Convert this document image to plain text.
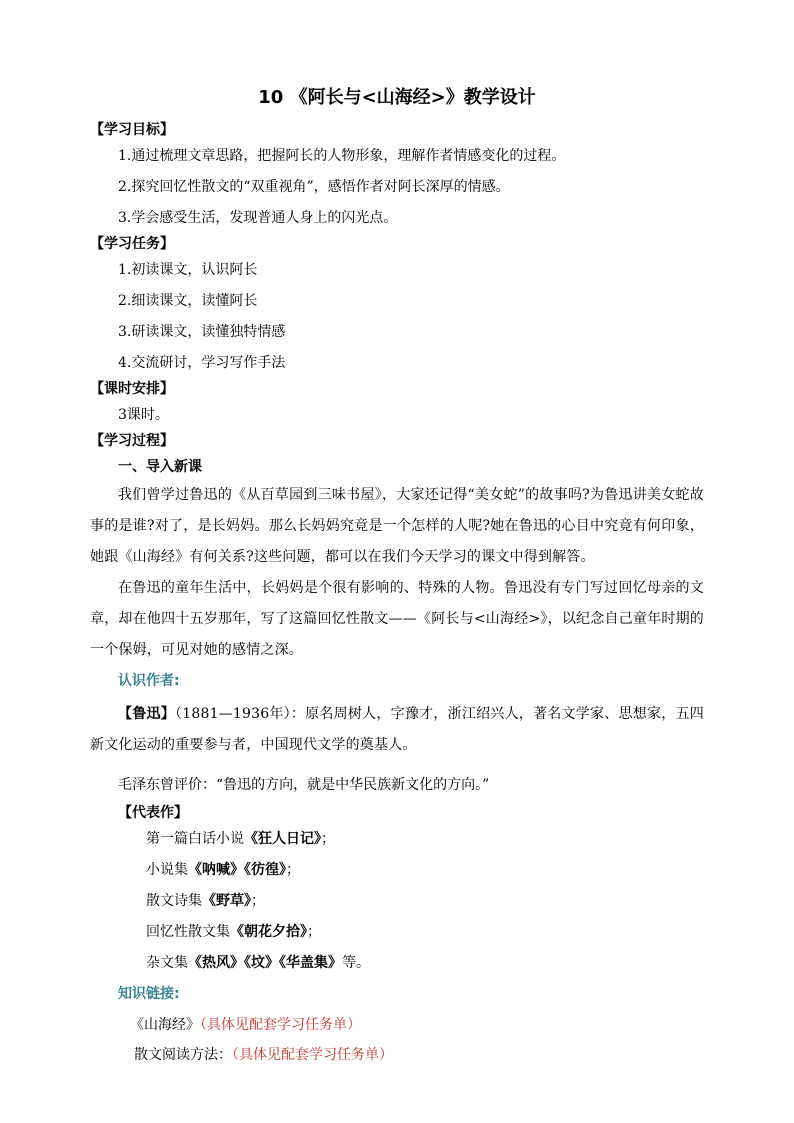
10 《阿长与<山海经>》教学设计
【学习目标】
1.通过梳理文章思路，把握阿长的人物形象，理解作者情感变化的过程。
2.探究回忆性散文的“双重视角”，感悟作者对阿长深厚的情感。
3.学会感受生活，发现普通人身上的闪光点。
【学习任务】
1.初读课文，认识阿长
2.细读课文，读懂阿长
3.研读课文，读懂独特情感
4.交流研讨，学习写作手法
【课时安排】
3课时。
【学习过程】
一、导入新课
我们曾学过鲁迅的《从百草园到三味书屋》，大家还记得“美女蛇”的故事吗?为鲁迅讲美女蛇故事的是谁?对了，是长妈妈。那么长妈妈究竟是一个怎样的人呢?她在鲁迅的心目中究竟有何印象，她跟《山海经》有何关系?这些问题，都可以在我们今天学习的课文中得到解答。
在鲁迅的童年生活中，长妈妈是个很有影响的、特殊的人物。鲁迅没有专门写过回忆母亲的文章，却在他四十五岁那年，写了这篇回忆性散文——《阿长与<山海经>》，以纪念自己童年时期的一个保姆，可见对她的感情之深。
认识作者:
【鲁迅】（1881—1936年）：原名周树人，字豫才，浙江绍兴人，著名文学家、思想家，五四新文化运动的重要参与者，中国现代文学的奠基人。
毛泽东曾评价：“鲁迅的方向，就是中华民族新文化的方向。”
【代表作】
第一篇白话小说《狂人日记》；
小说集《呐喊》《彷徨》；
散文诗集《野草》；
回忆性散文集《朝花夕拾》；
杂文集《热风》《坟》《华盖集》等。
知识链接:
《山海经》（具体见配套学习任务单）
散文阅读方法：（具体见配套学习任务单）
